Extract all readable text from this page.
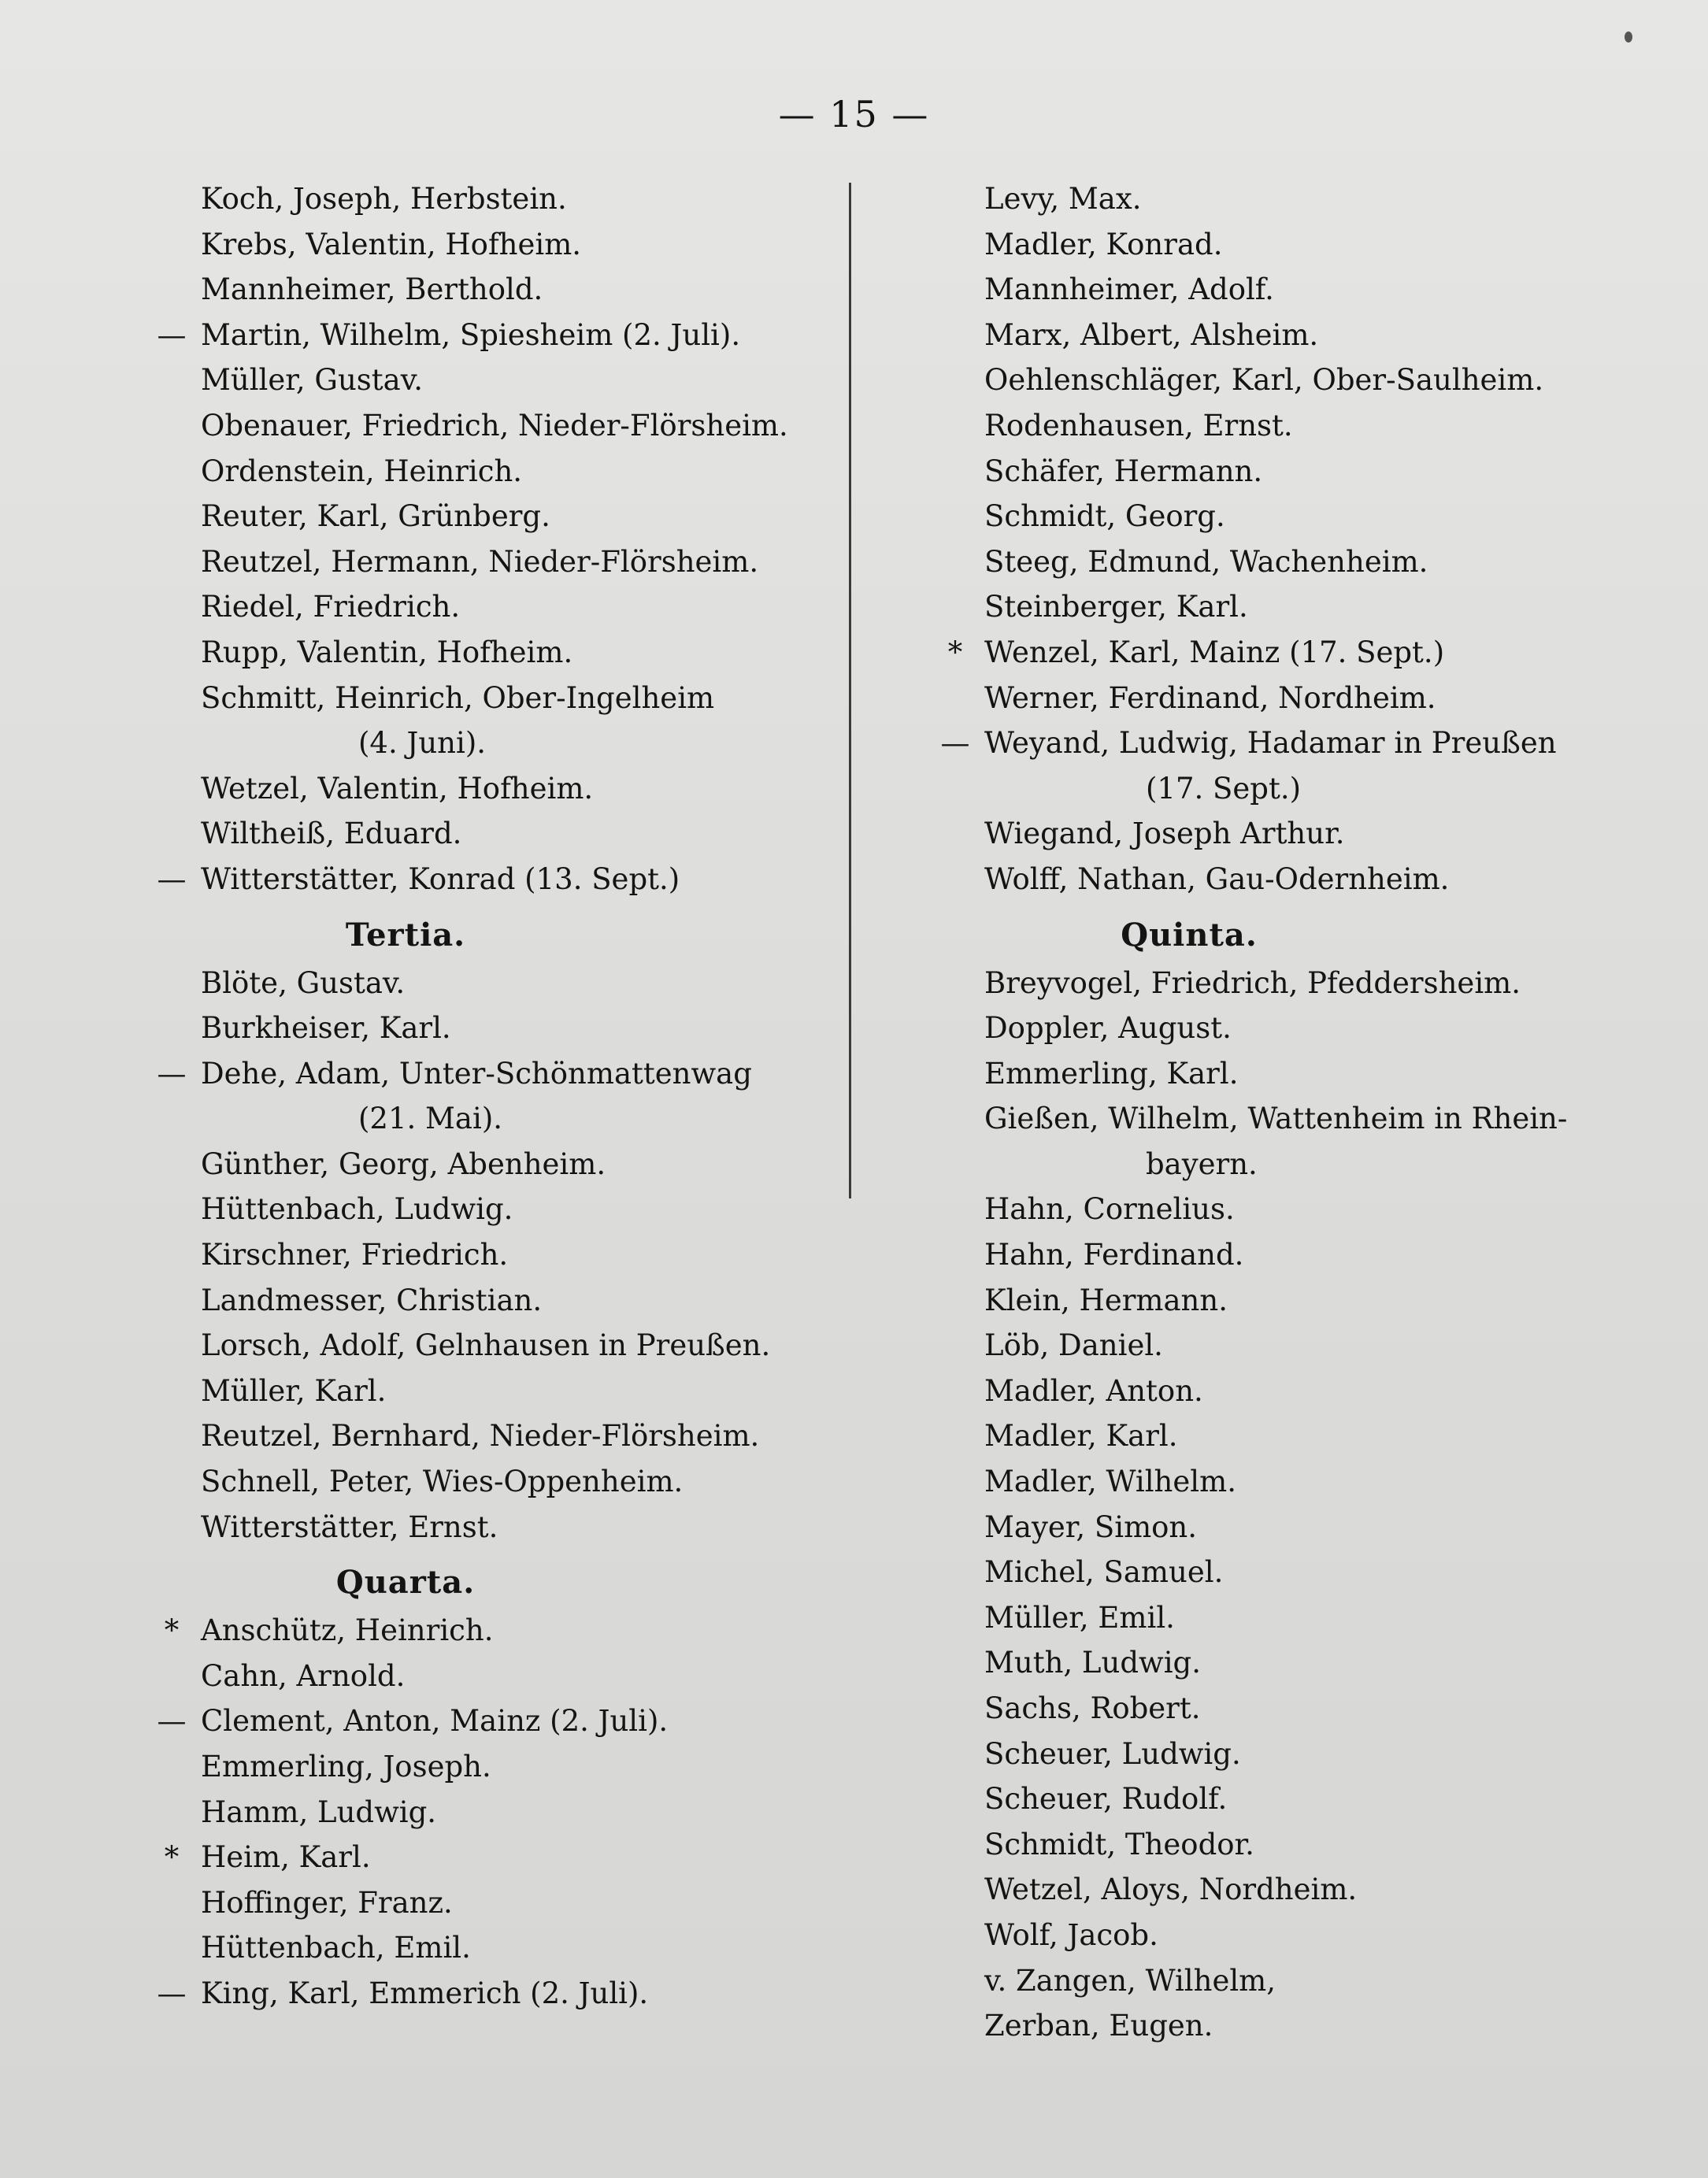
— 15 —
Koch, Joseph, Herbstein.
Krebs, Valentin, Hofheim.
Mannheimer, Berthold.
— Martin, Wilhelm, Spiesheim (2. Juli).
Müller, Gustav.
Obenauer, Friedrich, Nieder-Flörsheim.
Ordenstein, Heinrich.
Reuter, Karl, Grünberg.
Reutzel, Hermann, Nieder-Flörsheim.
Riedel, Friedrich.
Rupp, Valentin, Hofheim.
Schmitt, Heinrich, Ober-Ingelheim
(4. Juni).
Wetzel, Valentin, Hofheim.
Wiltheiß, Eduard.
— Witterstätter, Konrad (13. Sept.)
Tertia.
Blöte, Gustav.
Burkheiser, Karl.
— Dehe, Adam, Unter-Schönmattenwag
(21. Mai).
Günther, Georg, Abenheim.
Hüttenbach, Ludwig.
Kirschner, Friedrich.
Landmesser, Christian.
Lorsch, Adolf, Gelnhausen in Preußen.
Müller, Karl.
Reutzel, Bernhard, Nieder-Flörsheim.
Schnell, Peter, Wies-Oppenheim.
Witterstätter, Ernst.
Quarta.
* Anschütz, Heinrich.
Cahn, Arnold.
— Clement, Anton, Mainz (2. Juli).
Emmerling, Joseph.
Hamm, Ludwig.
* Heim, Karl.
Hoffinger, Franz.
Hüttenbach, Emil.
— King, Karl, Emmerich (2. Juli).
Levy, Max.
Madler, Konrad.
Mannheimer, Adolf.
Marx, Albert, Alsheim.
Oehlenschläger, Karl, Ober-Saulheim.
Rodenhausen, Ernst.
Schäfer, Hermann.
Schmidt, Georg.
Steeg, Edmund, Wachenheim.
Steinberger, Karl.
* Wenzel, Karl, Mainz (17. Sept.)
Werner, Ferdinand, Nordheim.
— Weyand, Ludwig, Hadamar in Preußen
(17. Sept.)
Wiegand, Joseph Arthur.
Wolff, Nathan, Gau-Odernheim.
Quinta.
Breyvogel, Friedrich, Pfeddersheim.
Doppler, August.
Emmerling, Karl.
Gießen, Wilhelm, Wattenheim in Rhein-
bayern.
Hahn, Cornelius.
Hahn, Ferdinand.
Klein, Hermann.
Löb, Daniel.
Madler, Anton.
Madler, Karl.
Madler, Wilhelm.
Mayer, Simon.
Michel, Samuel.
Müller, Emil.
Muth, Ludwig.
Sachs, Robert.
Scheuer, Ludwig.
Scheuer, Rudolf.
Schmidt, Theodor.
Wetzel, Aloys, Nordheim.
Wolf, Jacob.
v. Zangen, Wilhelm,
Zerban, Eugen.
